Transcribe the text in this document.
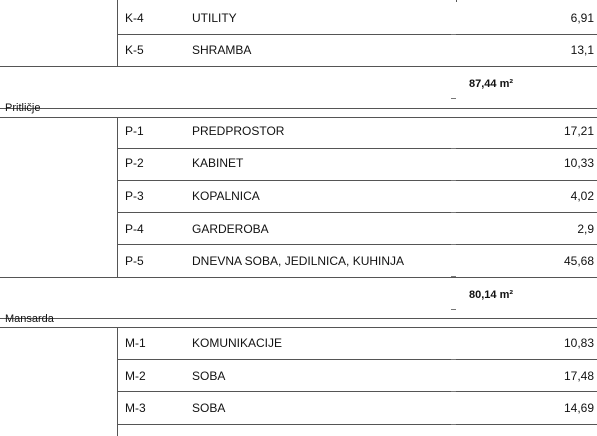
K-4	UTILITY	6,91
K-5	SHRAMBA	13,1
87,44 m²
Pritličje
P-1	PREDPROSTOR	17,21
P-2	KABINET	10,33
P-3	KOPALNICA	4,02
P-4	GARDEROBA	2,9
P-5	DNEVNA SOBA, JEDILNICA, KUHINJA	45,68
80,14 m²
Mansarda
M-1	KOMUNIKACIJE	10,83
M-2	SOBA	17,48
M-3	SOBA	14,69
